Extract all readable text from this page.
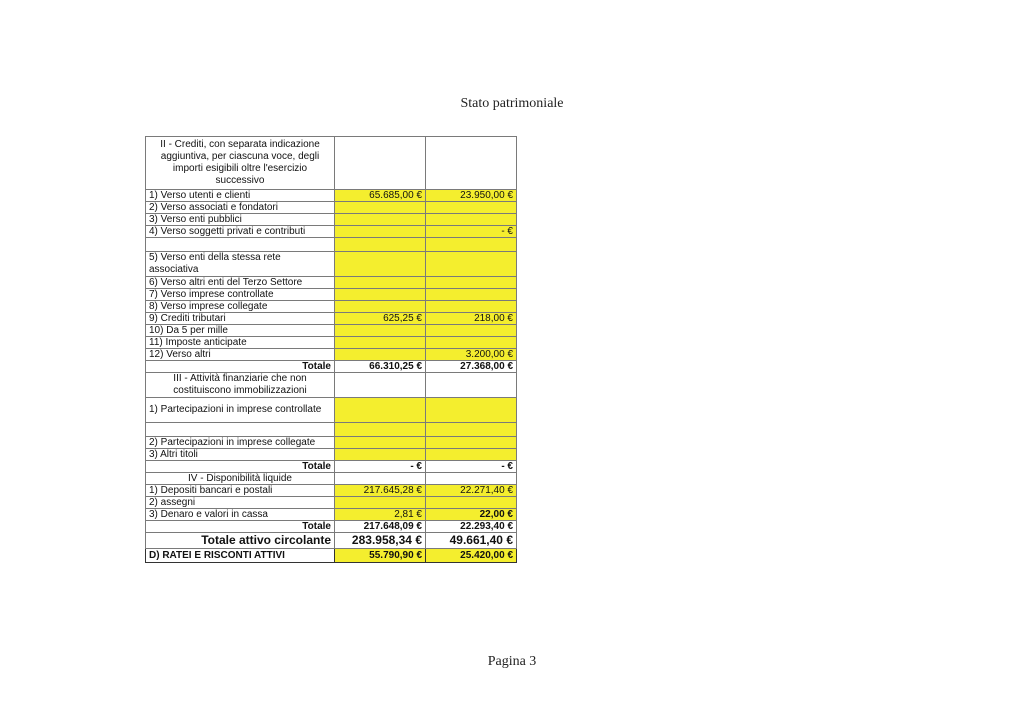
Stato patrimoniale
II - Crediti, con separata indicazione aggiuntiva, per ciascuna voce, degli importi esigibili oltre l'esercizio successivo		
1) Verso utenti e clienti	65.685,00 €	23.950,00 €
2) Verso associati e fondatori		
3) Verso enti pubblici		
4) Verso soggetti privati e contributi		- €

5) Verso enti della stessa rete associativa		
6) Verso altri enti del Terzo Settore		
7) Verso imprese controllate		
8) Verso imprese collegate		
9) Crediti tributari	625,25 €	218,00 €
10) Da 5 per mille		
11) Imposte anticipate		
12) Verso altri		3.200,00 €
Totale	66.310,25 €	27.368,00 €
III - Attività finanziarie che non costituiscono immobilizzazioni		
1) Partecipazioni in imprese controllate		

2) Partecipazioni in imprese collegate		
3) Altri titoli		
Totale	- €	- €
IV - Disponibilità liquide		
1) Depositi bancari e postali	217.645,28 €	22.271,40 €
2) assegni		
3) Denaro e valori in cassa	2,81 €	22,00 €
Totale	217.648,09 €	22.293,40 €
Totale attivo circolante	283.958,34 €	49.661,40 €
D) RATEI E RISCONTI ATTIVI	55.790,90 €	25.420,00 €
Pagina 3
